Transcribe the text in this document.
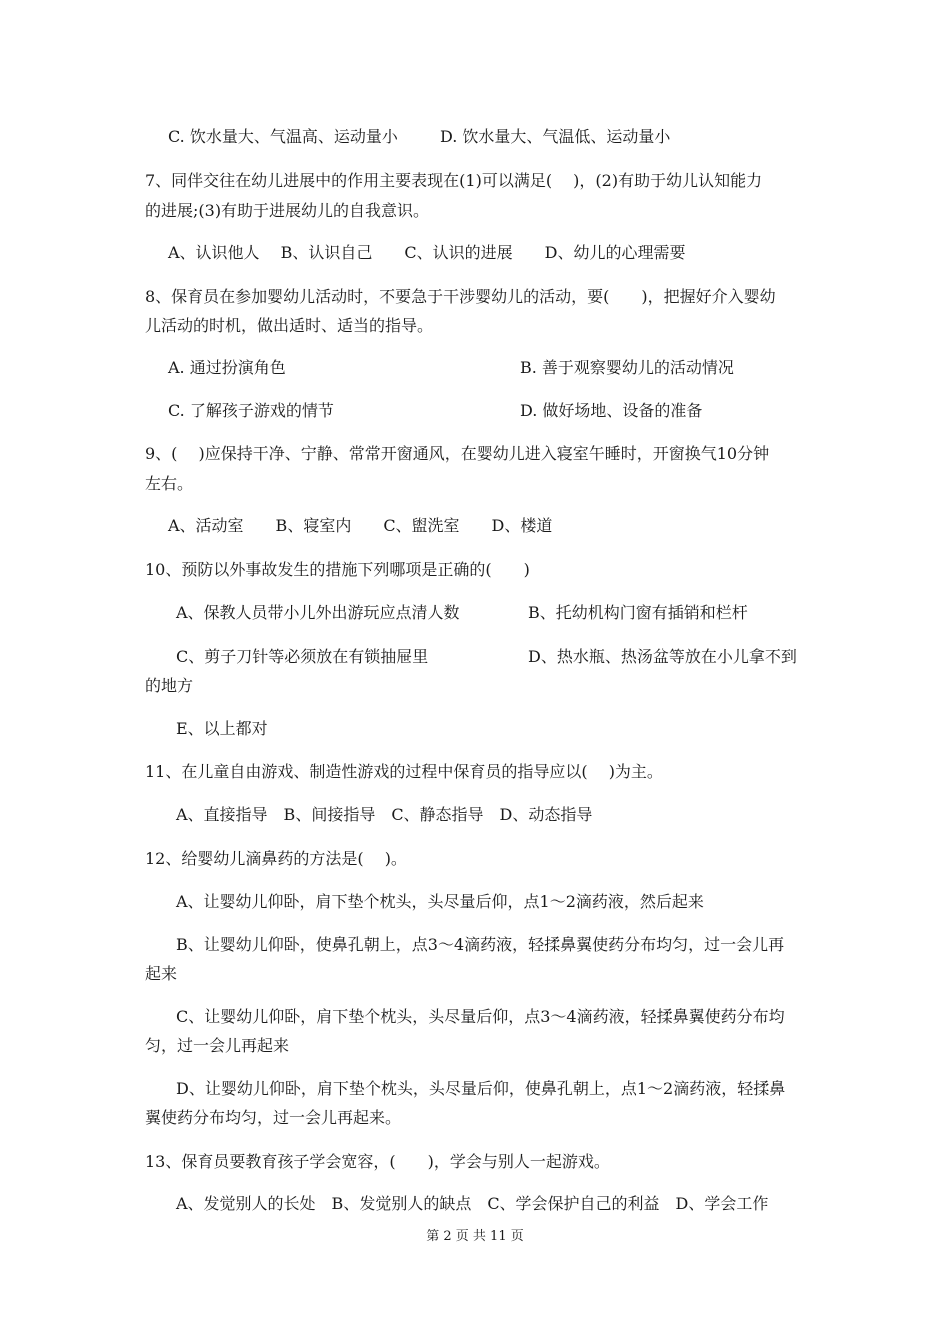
C. 饮水量大、气温高、运动量小	D. 饮水量大、气温低、运动量小
7、同伴交往在幼儿进展中的作用主要表现在(1)可以满足(　 )，(2)有助于幼儿认知能力
的进展;(3)有助于进展幼儿的自我意识。
A、认识他人　 B、认识自己　　C、认识的进展　　D、幼儿的心理需要
8、保育员在参加婴幼儿活动时，不要急于干涉婴幼儿的活动，要(　　)，把握好介入婴幼
儿活动的时机，做出适时、适当的指导。
A. 通过扮演角色	B. 善于观察婴幼儿的活动情况
C. 了解孩子游戏的情节	D. 做好场地、设备的准备
9、(　 )应保持干净、宁静、常常开窗通风，在婴幼儿进入寝室午睡时，开窗换气10分钟
左右。
A、活动室　　B、寝室内　　C、盥洗室　　D、楼道
10、预防以外事故发生的措施下列哪项是正确的(　　)
A、保教人员带小儿外出游玩应点清人数	B、托幼机构门窗有插销和栏杆
C、剪子刀针等必须放在有锁抽屉里	D、热水瓶、热汤盆等放在小儿拿不到
的地方
E、以上都对
11、在儿童自由游戏、制造性游戏的过程中保育员的指导应以(　 )为主。
A、直接指导　B、间接指导　C、静态指导　D、动态指导
12、给婴幼儿滴鼻药的方法是(　 )。
A、让婴幼儿仰卧，肩下垫个枕头，头尽量后仰，点1～2滴药液，然后起来
B、让婴幼儿仰卧，使鼻孔朝上，点3～4滴药液，轻揉鼻翼使药分布均匀，过一会儿再
起来
C、让婴幼儿仰卧，肩下垫个枕头，头尽量后仰，点3～4滴药液，轻揉鼻翼使药分布均
匀，过一会儿再起来
D、让婴幼儿仰卧，肩下垫个枕头，头尽量后仰，使鼻孔朝上，点1～2滴药液，轻揉鼻
翼使药分布均匀，过一会儿再起来。
13、保育员要教育孩子学会宽容，(　　)，学会与别人一起游戏。
A、发觉别人的长处　B、发觉别人的缺点　C、学会保护自己的利益　D、学会工作
第 2 页 共 11 页
